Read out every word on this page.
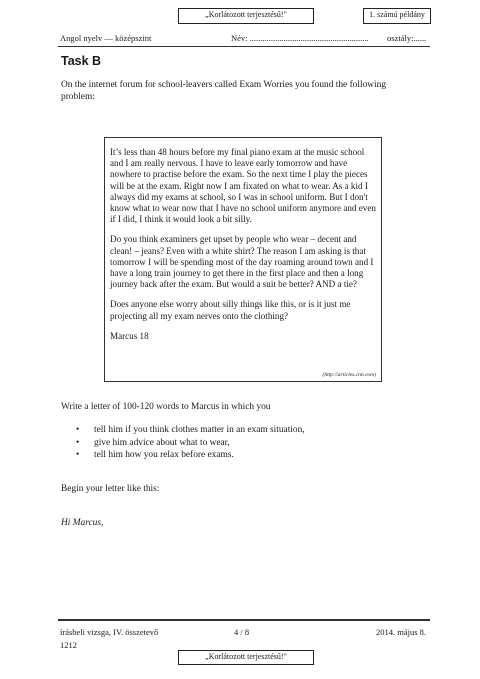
„Korlátozott terjesztésű!"	1. számú példány
Angol nyelv — középszint	Név: ........................................................ osztály:......
Task B
On the internet forum for school-leavers called Exam Worries you found the following problem:

It’s less than 48 hours before my final piano exam at the music school and I am really nervous. I have to leave early tomorrow and have nowhere to practise before the exam. So the next time I play the pieces will be at the exam. Right now I am fixated on what to wear. As a kid I always did my exams at school, so I was in school uniform. But I don't know what to wear now that I have no school uniform anymore and even if I did, I think it would look a bit silly.

Do you think examiners get upset by people who wear – decent and clean! – jeans? Even with a white shirt? The reason I am asking is that tomorrow I will be spending most of the day roaming around town and I have a long train journey to get there in the first place and then a long journey back after the exam. But would a suit be better? AND a tie?

Does anyone else worry about silly things like this, or is it just me projecting all my exam nerves onto the clothing?

Marcus 18

(http://articles.cnn.com)
Write a letter of 100-120 words to Marcus in which you
• tell him if you think clothes matter in an exam situation,
• give him advice about what to wear,
• tell him how you relax before exams.
Begin your letter like this:
Hi Marcus,
írásbeli vizsga, IV. összetevő
1212
4 / 8	2014. május 8.
„Korlátozott terjesztésű!"
